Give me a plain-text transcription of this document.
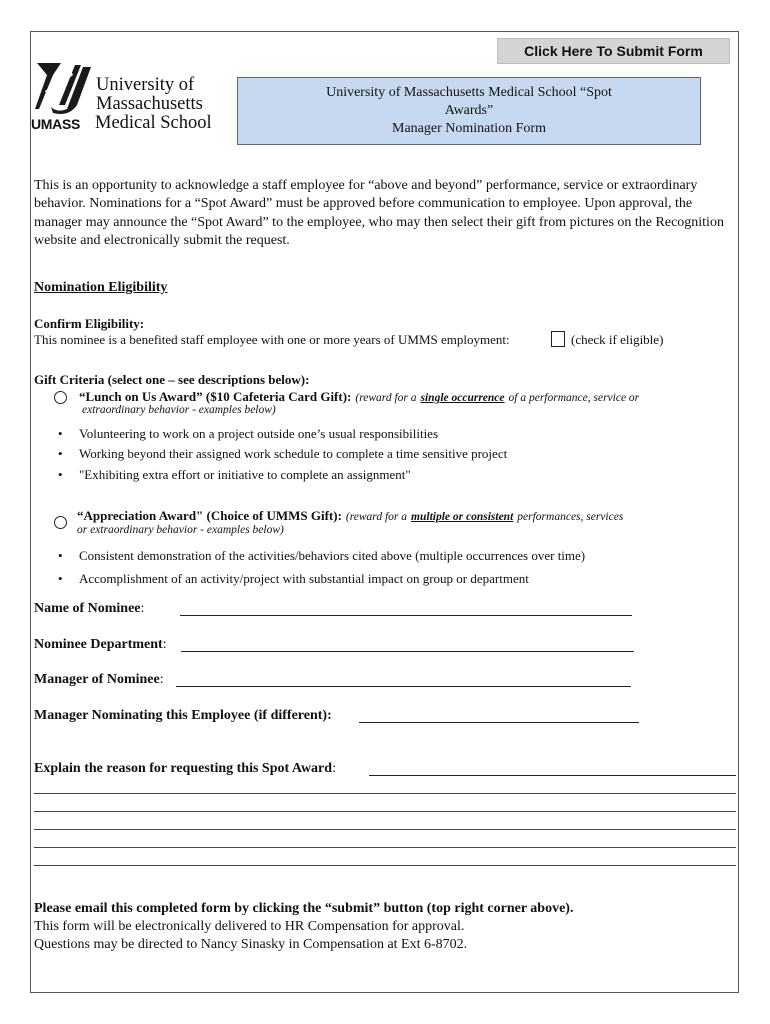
Click Here To Submit Form
University of
Massachusetts
UMASS Medical School
University of Massachusetts Medical School “Spot Awards”
Manager Nomination Form
This is an opportunity to acknowledge a staff employee for “above and beyond” performance, service or extraordinary behavior. Nominations for a “Spot Award” must be approved before communication to employee. Upon approval, the manager may announce the “Spot Award” to the employee, who may then select their gift from pictures on the Recognition website and electronically submit the request.
Nomination Eligibility
Confirm Eligibility:
This nominee is a benefited staff employee with one or more years of UMMS employment:	(check if eligible)
Gift Criteria (select one – see descriptions below):
“Lunch on Us Award” ($10 Cafeteria Card Gift): (reward for a single occurrence of a performance, service or
extraordinary behavior - examples below)
• Volunteering to work on a project outside one’s usual responsibilities
• Working beyond their assigned work schedule to complete a time sensitive project
• "Exhibiting extra effort or initiative to complete an assignment"
“Appreciation Award" (Choice of UMMS Gift): (reward for a multiple or consistent performances, services
or extraordinary behavior - examples below)
• Consistent demonstration of the activities/behaviors cited above (multiple occurrences over time)
• Accomplishment of an activity/project with substantial impact on group or department
Name of Nominee:
Nominee Department:
Manager of Nominee:
Manager Nominating this Employee (if different):
Explain the reason for requesting this Spot Award:
Please email this completed form by clicking the “submit” button (top right corner above).
This form will be electronically delivered to HR Compensation for approval.
Questions may be directed to Nancy Sinasky in Compensation at Ext 6-8702.
